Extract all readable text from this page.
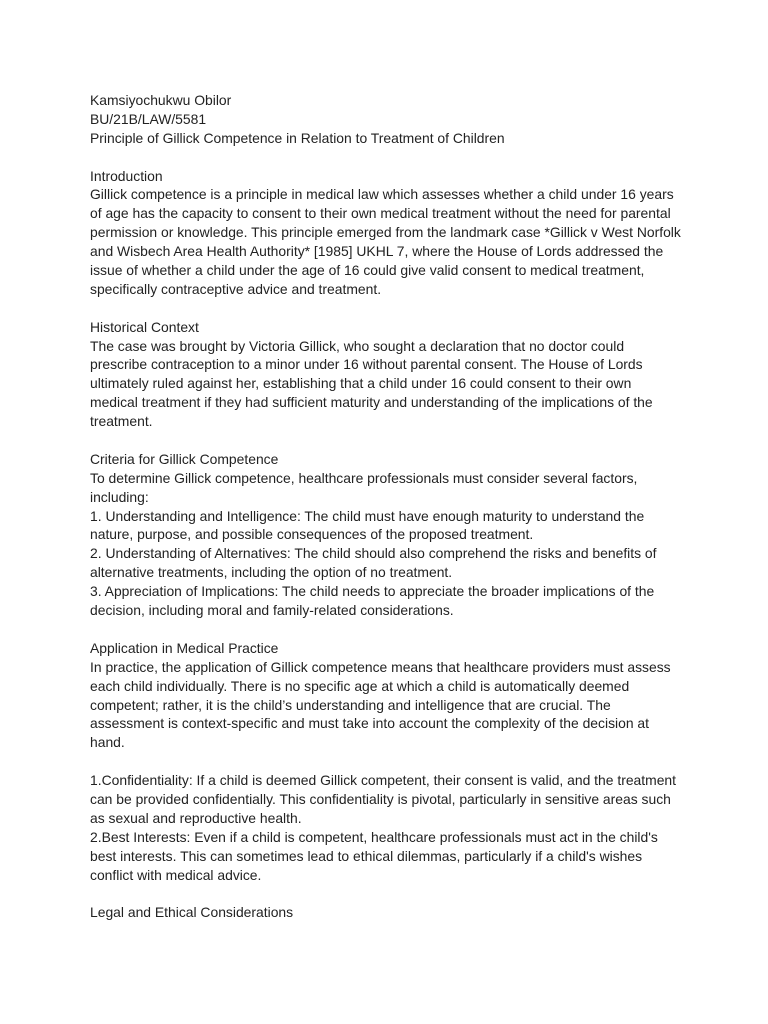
Kamsiyochukwu Obilor
BU/21B/LAW/5581
Principle of Gillick Competence in Relation to Treatment of Children
Introduction
Gillick competence is a principle in medical law which assesses whether a child under 16 years
of age has the capacity to consent to their own medical treatment without the need for parental
permission or knowledge. This principle emerged from the landmark case *Gillick v West Norfolk
and Wisbech Area Health Authority* [1985] UKHL 7, where the House of Lords addressed the
issue of whether a child under the age of 16 could give valid consent to medical treatment,
specifically contraceptive advice and treatment.
Historical Context
The case was brought by Victoria Gillick, who sought a declaration that no doctor could
prescribe contraception to a minor under 16 without parental consent. The House of Lords
ultimately ruled against her, establishing that a child under 16 could consent to their own
medical treatment if they had sufficient maturity and understanding of the implications of the
treatment.
Criteria for Gillick Competence
To determine Gillick competence, healthcare professionals must consider several factors,
including:
1. Understanding and Intelligence: The child must have enough maturity to understand the
nature, purpose, and possible consequences of the proposed treatment.
2. Understanding of Alternatives: The child should also comprehend the risks and benefits of
alternative treatments, including the option of no treatment.
3. Appreciation of Implications: The child needs to appreciate the broader implications of the
decision, including moral and family-related considerations.
Application in Medical Practice
In practice, the application of Gillick competence means that healthcare providers must assess
each child individually. There is no specific age at which a child is automatically deemed
competent; rather, it is the child’s understanding and intelligence that are crucial. The
assessment is context-specific and must take into account the complexity of the decision at
hand.
1.Confidentiality: If a child is deemed Gillick competent, their consent is valid, and the treatment
can be provided confidentially. This confidentiality is pivotal, particularly in sensitive areas such
as sexual and reproductive health.
2.Best Interests: Even if a child is competent, healthcare professionals must act in the child's
best interests. This can sometimes lead to ethical dilemmas, particularly if a child's wishes
conflict with medical advice.
Legal and Ethical Considerations
